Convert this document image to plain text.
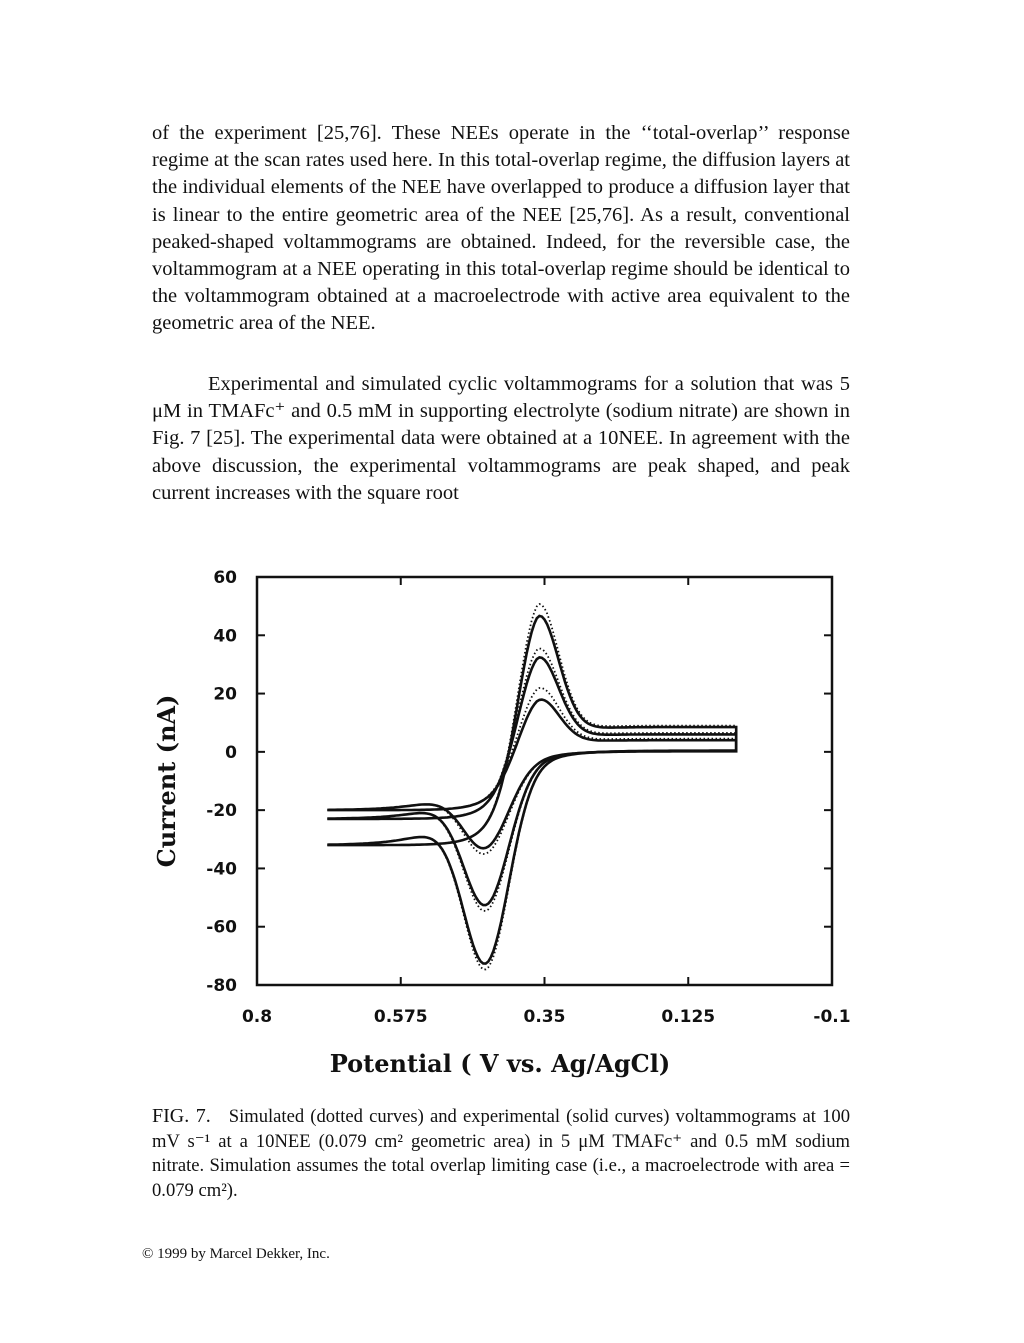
of the experiment [25,76]. These NEEs operate in the ‘‘total-overlap’’ response regime at the scan rates used here. In this total-overlap regime, the diffusion layers at the individual elements of the NEE have overlapped to produce a diffusion layer that is linear to the entire geometric area of the NEE [25,76]. As a result, conventional peaked-shaped voltammograms are obtained. Indeed, for the reversible case, the voltammogram at a NEE operating in this total-overlap regime should be identical to the voltammogram obtained at a macroelectrode with active area equivalent to the geometric area of the NEE.

Experimental and simulated cyclic voltammograms for a solution that was 5 μM in TMAFc⁺ and 0.5 mM in supporting electrolyte (sodium nitrate) are shown in Fig. 7 [25]. The experimental data were obtained at a 10NEE. In agreement with the above discussion, the experimental voltammograms are peak shaped, and peak current increases with the square root

60
40
20
0
-20
-40
-60
-80
0.8	0.575	0.35	0.125	-0.1
Potential ( V vs. Ag/AgCl)
Current (nA)

FIG. 7. Simulated (dotted curves) and experimental (solid curves) voltammograms at 100 mV s⁻¹ at a 10NEE (0.079 cm² geometric area) in 5 μM TMAFc⁺ and 0.5 mM sodium nitrate. Simulation assumes the total overlap limiting case (i.e., a macroelectrode with area = 0.079 cm²).

© 1999 by Marcel Dekker, Inc.
